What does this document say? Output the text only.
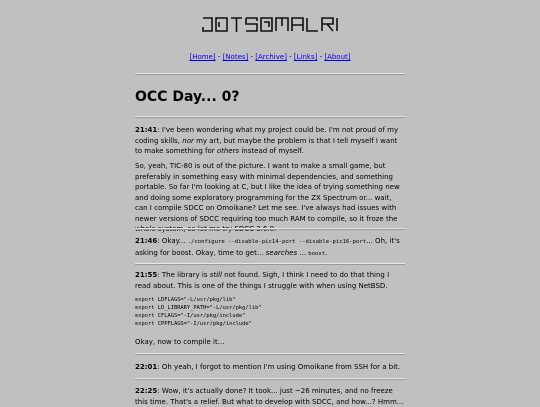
[Home] - [Notes] - [Archive] - [Links] - [About]
OCC Day... 0?

21:41: I've been wondering what my project could be. I'm not proud of my coding skills, nor my art, but maybe the problem is that I tell myself I want to make something for others instead of myself.

So, yeah, TIC-80 is out of the picture. I want to make a small game, but preferably in something easy with minimal dependencies, and something portable. So far I'm looking at C, but I like the idea of trying something new and doing some exploratory programming for the ZX Spectrum or... wait, can I compile SDCC on Omoikane? Let me see. I've always had issues with newer versions of SDCC requiring too much RAM to compile, so it froze the whole system, so let me try SDCC 3.6.0.

21:46: Okay... ./configure --disable-pic14-port --disable-pic16-port... Oh, it's asking for boost. Okay, time to get... searches ... boost.

21:55: The library is still not found. Sigh, I think I need to do that thing I read about. This is one of the things I struggle with when using NetBSD.

export LDFLAGS="-L/usr/pkg/lib"
export LD_LIBRARY_PATH="-L/usr/pkg/lib"
export CFLAGS="-I/usr/pkg/include"
export CPPFLAGS="-I/usr/pkg/include"

Okay, now to compile it...

22:01: Oh yeah, I forgot to mention I'm using Omoikane from SSH for a bit.

22:25: Wow, it's actually done? It took... just ~26 minutes, and no freeze this time. That's a relief. But what to develop with SDCC, and how...? Hmm...
